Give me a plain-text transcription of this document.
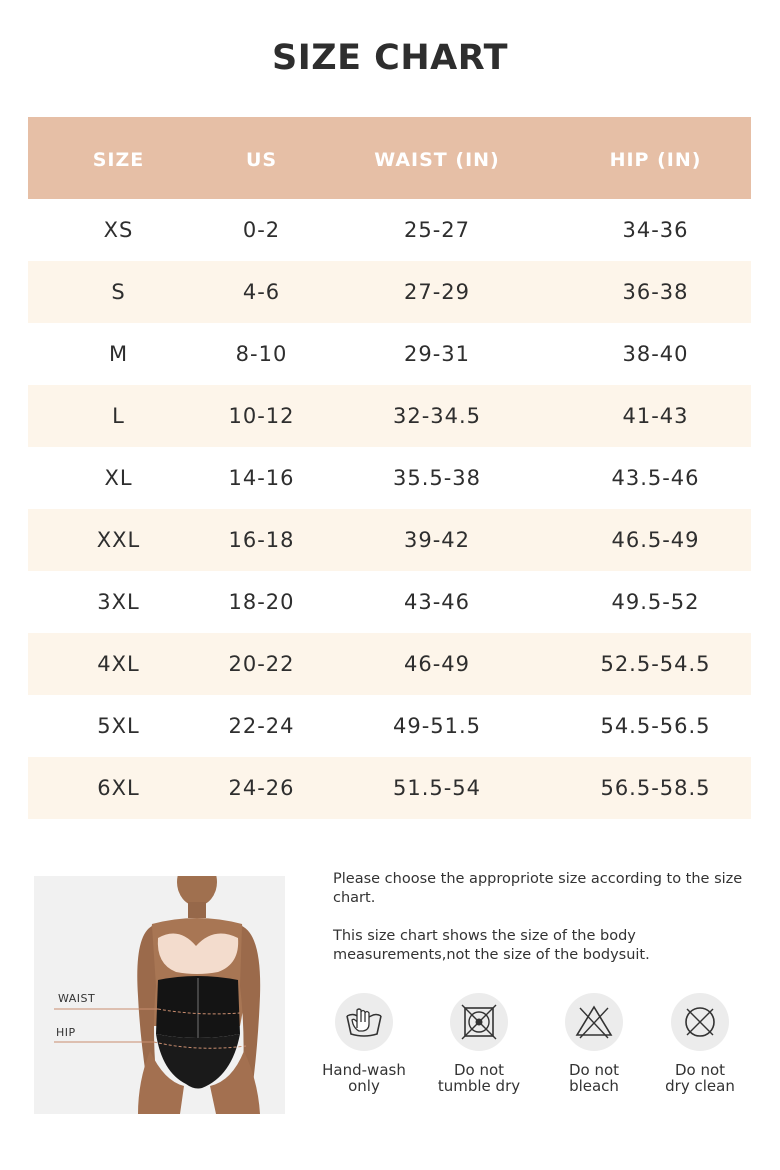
SIZE CHART
SIZE	US	WAIST (IN)	HIP (IN)
XS	0-2	25-27	34-36
S	4-6	27-29	36-38
M	8-10	29-31	38-40
L	10-12	32-34.5	41-43
XL	14-16	35.5-38	43.5-46
XXL	16-18	39-42	46.5-49
3XL	18-20	43-46	49.5-52
4XL	20-22	46-49	52.5-54.5
5XL	22-24	49-51.5	54.5-56.5
6XL	24-26	51.5-54	56.5-58.5
WAIST
HIP

Please choose the appropriote size according to the size chart.

This size chart shows the size of the body measurements,not the size of the bodysuit.

Hand-wash
only
Do not
tumble dry
Do not
bleach
Do not
dry clean
